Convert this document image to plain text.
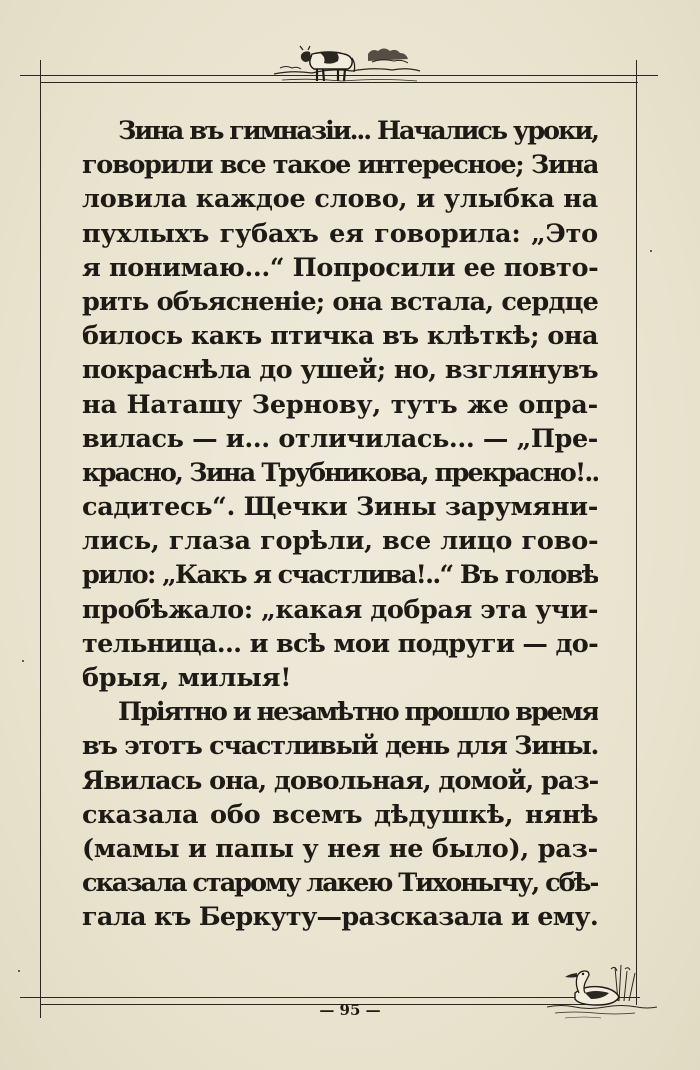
Зина въ гимназіи... Начались уроки,
говорили все такое интересное; Зина
ловила каждое слово, и улыбка на
пухлыхъ губахъ ея говорила: „Это
я понимаю...“ Попросили ее повто-
рить объясненіе; она встала, сердце
билось какъ птичка въ клѣткѣ; она
покраснѣла до ушей; но, взглянувъ
на Наташу Зернову, тутъ же опра-
вилась — и... отличилась... — „Пре-
красно, Зина Трубникова, прекрасно!..
садитесь“. Щечки Зины зарумяни-
лись, глаза горѣли, все лицо гово-
рило: „Какъ я счастлива!..“ Въ головѣ
пробѣжало: „какая добрая эта учи-
тельница... и всѣ мои подруги — до-
брыя, милыя!
Пріятно и незамѣтно прошло время
въ этотъ счастливый день для Зины.
Явилась она, довольная, домой, раз-
сказала обо всемъ дѣдушкѣ, нянѣ
(мамы и папы у нея не было), раз-
сказала старому лакею Тихонычу, сбѣ-
гала къ Беркуту—разсказала и ему.
— 95 —
